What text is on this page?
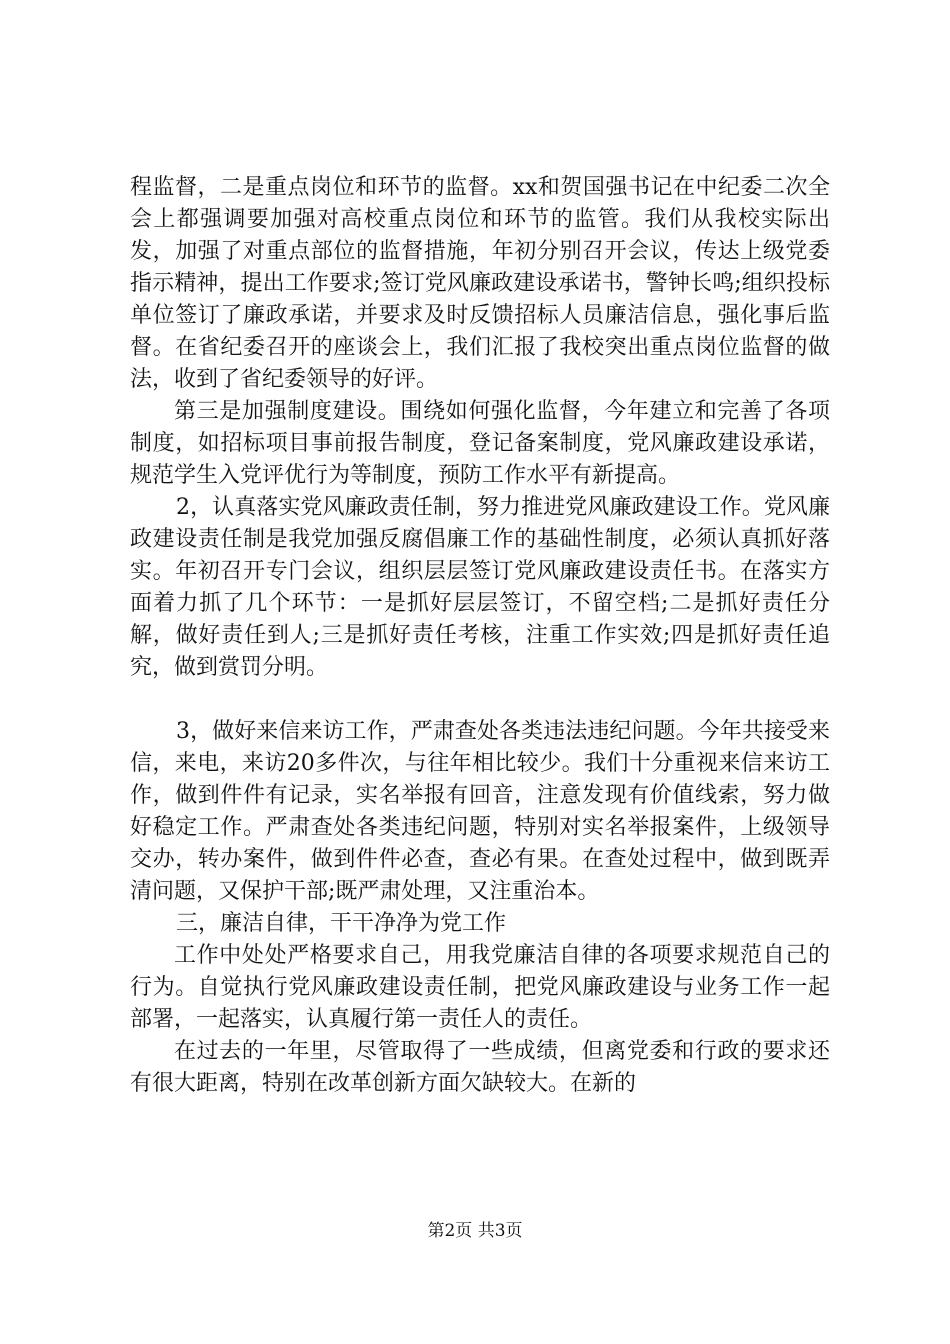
程监督，二是重点岗位和环节的监督。xx和贺国强书记在中纪委二次全会上都强调要加强对高校重点岗位和环节的监管。我们从我校实际出发，加强了对重点部位的监督措施，年初分别召开会议，传达上级党委指示精神，提出工作要求;签订党风廉政建设承诺书，警钟长鸣;组织投标单位签订了廉政承诺，并要求及时反馈招标人员廉洁信息，强化事后监督。在省纪委召开的座谈会上，我们汇报了我校突出重点岗位监督的做法，收到了省纪委领导的好评。

第三是加强制度建设。围绕如何强化监督，今年建立和完善了各项制度，如招标项目事前报告制度，登记备案制度，党风廉政建设承诺，规范学生入党评优行为等制度，预防工作水平有新提高。

2，认真落实党风廉政责任制，努力推进党风廉政建设工作。党风廉政建设责任制是我党加强反腐倡廉工作的基础性制度，必须认真抓好落实。年初召开专门会议，组织层层签订党风廉政建设责任书。在落实方面着力抓了几个环节：一是抓好层层签订，不留空档;二是抓好责任分解，做好责任到人;三是抓好责任考核，注重工作实效;四是抓好责任追究，做到赏罚分明。

3，做好来信来访工作，严肃查处各类违法违纪问题。今年共接受来信，来电，来访20多件次，与往年相比较少。我们十分重视来信来访工作，做到件件有记录，实名举报有回音，注意发现有价值线索，努力做好稳定工作。严肃查处各类违纪问题，特别对实名举报案件，上级领导交办，转办案件，做到件件必查，查必有果。在查处过程中，做到既弄清问题，又保护干部;既严肃处理，又注重治本。

三，廉洁自律，干干净净为党工作

工作中处处严格要求自己，用我党廉洁自律的各项要求规范自己的行为。自觉执行党风廉政建设责任制，把党风廉政建设与业务工作一起部署，一起落实，认真履行第一责任人的责任。

在过去的一年里，尽管取得了一些成绩，但离党委和行政的要求还有很大距离，特别在改革创新方面欠缺较大。在新的

第2页 共3页
